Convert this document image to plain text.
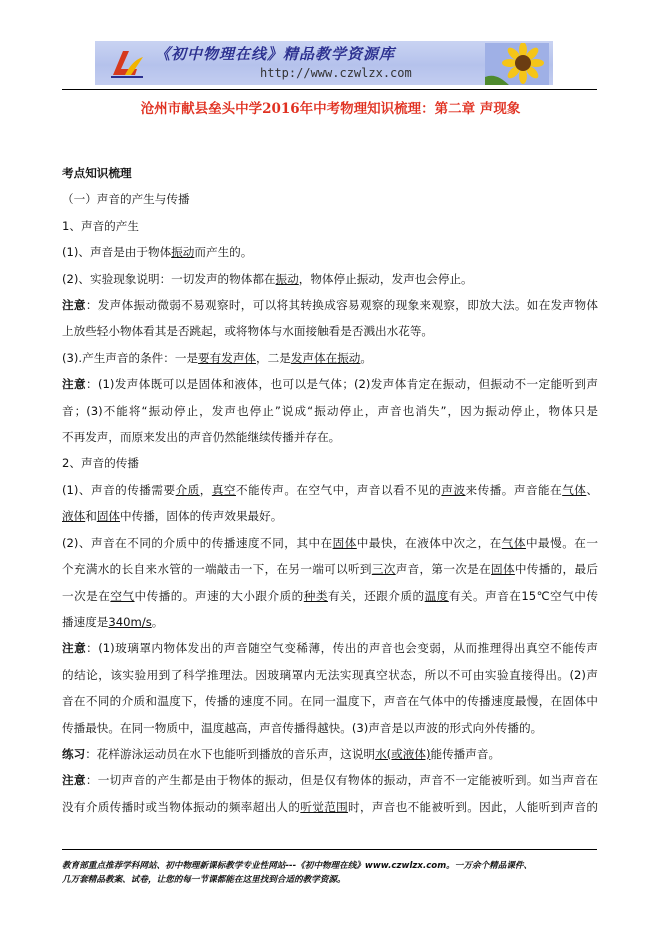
《初中物理在线》精品教学资源库
http://www.czwlzx.com
沧州市献县垒头中学2016年中考物理知识梳理：第二章 声现象

考点知识梳理

（一）声音的产生与传播

1、声音的产生

(1)、声音是由于物体振动而产生的。

(2)、实验现象说明：一切发声的物体都在振动，物体停止振动，发声也会停止。

注意：发声体振动微弱不易观察时，可以将其转换成容易观察的现象来观察，即放大法。如在发声物体

上放些轻小物体看其是否跳起，或将物体与水面接触看是否溅出水花等。

(3).产生声音的条件：一是要有发声体，二是发声体在振动。

注意：(1)发声体既可以是固体和液体，也可以是气体；(2)发声体肯定在振动，但振动不一定能听到声

音；(3)不能将“振动停止，发声也停止”说成“振动停止，声音也消失”，因为振动停止，物体只是

不再发声，而原来发出的声音仍然能继续传播并存在。

2、声音的传播

(1)、声音的传播需要介质，真空不能传声。在空气中，声音以看不见的声波来传播。声音能在气体、

液体和固体中传播，固体的传声效果最好。

(2)、声音在不同的介质中的传播速度不同，其中在固体中最快，在液体中次之，在气体中最慢。在一

个充满水的长自来水管的一端敲击一下，在另一端可以听到三次声音，第一次是在固体中传播的，最后

一次是在空气中传播的。声速的大小跟介质的种类有关，还跟介质的温度有关。声音在15℃空气中传

播速度是340m/s。

注意：(1)玻璃罩内物体发出的声音随空气变稀薄，传出的声音也会变弱，从而推理得出真空不能传声

的结论，该实验用到了科学推理法。因玻璃罩内无法实现真空状态，所以不可由实验直接得出。(2)声

音在不同的介质和温度下，传播的速度不同。在同一温度下，声音在气体中的传播速度最慢，在固体中

传播最快。在同一物质中，温度越高，声音传播得越快。(3)声音是以声波的形式向外传播的。

练习：花样游泳运动员在水下也能听到播放的音乐声，这说明水(或液体)能传播声音。

注意：一切声音的产生都是由于物体的振动，但是仅有物体的振动，声音不一定能被听到。如当声音在

没有介质传播时或当物体振动的频率超出人的听觉范围时，声音也不能被听到。因此，人能听到声音的

教育部重点推荐学科网站、初中物理新课标教学专业性网站---《初中物理在线》www.czwlzx.com。一万余个精品课件、

几万套精品教案、试卷，让您的每一节课都能在这里找到合适的教学资源。
